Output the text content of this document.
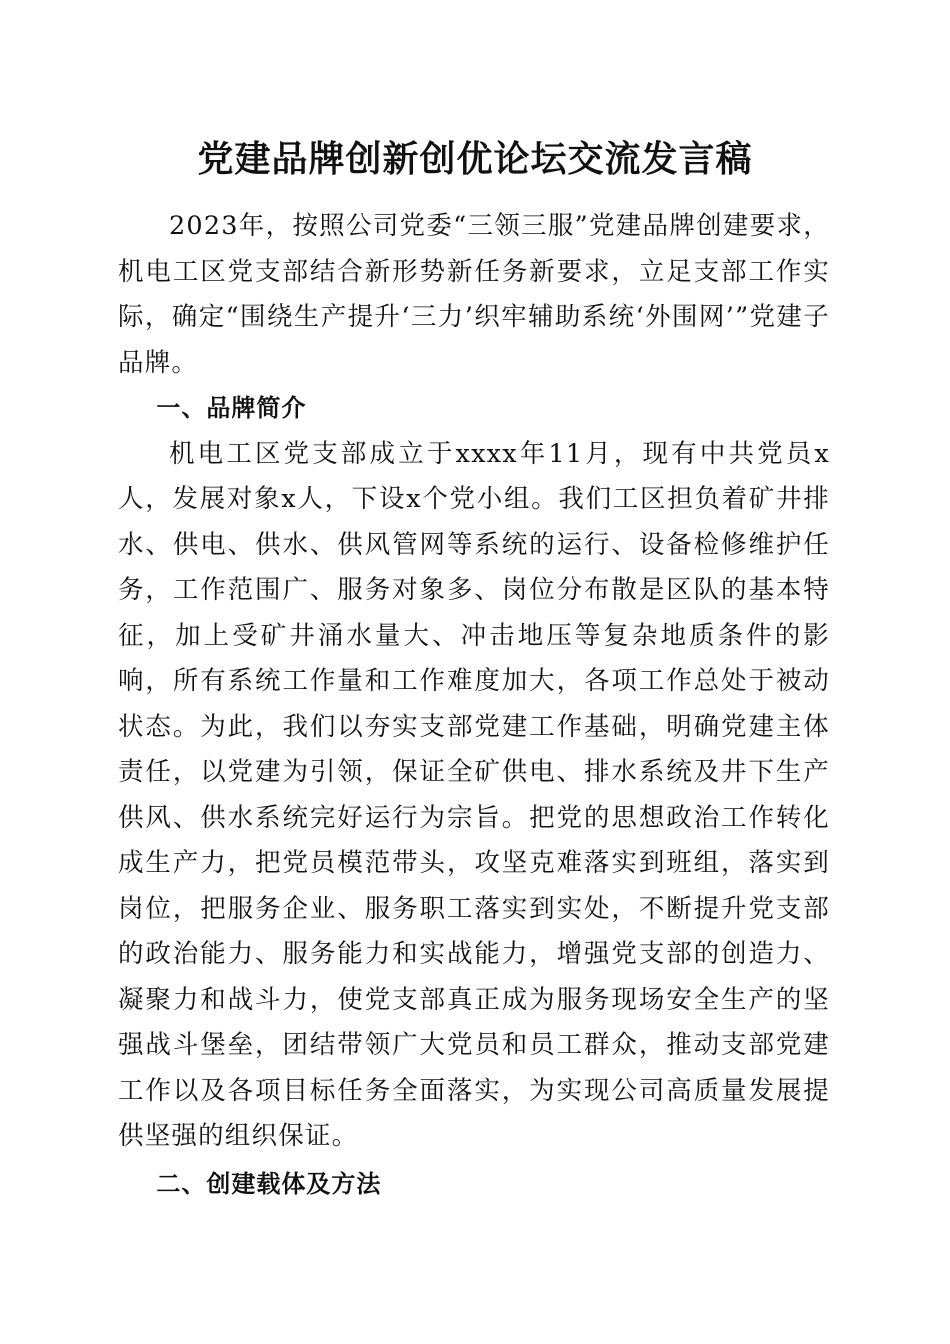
党建品牌创新创优论坛交流发言稿

2023年，按照公司党委“三领三服”党建品牌创建要求，机电工区党支部结合新形势新任务新要求，立足支部工作实际，确定“围绕生产提升‘三力’织牢辅助系统‘外围网’”党建子品牌。

一、品牌简介

机电工区党支部成立于xxxx年11月，现有中共党员x人，发展对象x人，下设x个党小组。我们工区担负着矿井排水、供电、供水、供风管网等系统的运行、设备检修维护任务，工作范围广、服务对象多、岗位分布散是区队的基本特征，加上受矿井涌水量大、冲击地压等复杂地质条件的影响，所有系统工作量和工作难度加大，各项工作总处于被动状态。为此，我们以夯实支部党建工作基础，明确党建主体责任，以党建为引领，保证全矿供电、排水系统及井下生产供风、供水系统完好运行为宗旨。把党的思想政治工作转化成生产力，把党员模范带头，攻坚克难落实到班组，落实到岗位，把服务企业、服务职工落实到实处，不断提升党支部的政治能力、服务能力和实战能力，增强党支部的创造力、凝聚力和战斗力，使党支部真正成为服务现场安全生产的坚强战斗堡垒，团结带领广大党员和员工群众，推动支部党建工作以及各项目标任务全面落实，为实现公司高质量发展提供坚强的组织保证。

二、创建载体及方法
